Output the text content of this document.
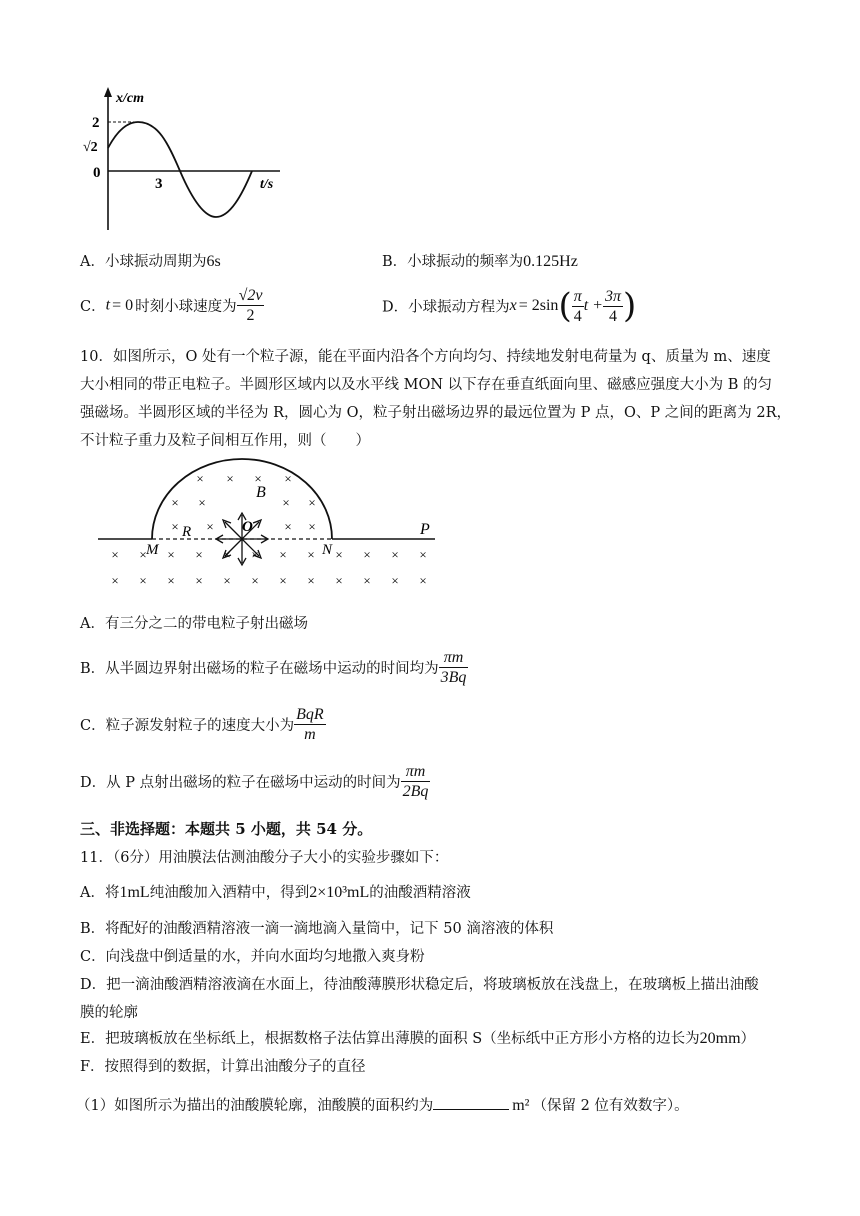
x/cm
2
√2
0
3	t/s
A．小球振动周期为6s	B．小球振动的频率为0.125Hz
C．t = 0 时刻小球速度为 $\frac{√2v}{2}$	D．小球振动方程为$x = 2\sin( \frac{\pi}{4}$ $t + \frac{3\pi}{4}$ )
10．如图所示，O 处有一个粒子源，能在平面内沿各个方向均匀、持续地发射电荷量为 q、质量为 m、速度
大小相同的带正电粒子。半圆形区域内以及水平线 MON 以下存在垂直纸面向里、磁感应强度大小为 B 的匀
强磁场。半圆形区域的半径为 R，圆心为 O，粒子射出磁场边界的最远位置为 P 点，O、P 之间的距离为 2R，
不计粒子重力及粒子间相互作用，则（　　）
B
R	O
M	N
P
× × × ×
× ×	× ×
× ×	× ×
×
×
×
×
×
×
×
×
×
×
×
×
×
×
×
×
×
×
×
×
×
×
×
×
A．有三分之二的带电粒子射出磁场
B．从半圆边界射出磁场的粒子在磁场中运动的时间均为 $\frac{\pi m}{3Bq}$
C．粒子源发射粒子的速度大小为 $\frac{\text{BqR}}{m}$
D．从 P 点射出磁场的粒子在磁场中运动的时间为 $\frac{\pi m}{2Bq}$
三、非选择题：本题共 5 小题，共 54 分。
11．（6分）用油膜法估测油酸分子大小的实验步骤如下：
A．将1mL纯油酸加入酒精中，得到2×10³mL的油酸酒精溶液
B．将配好的油酸酒精溶液一滴一滴地滴入量筒中，记下 50 滴溶液的体积
C．向浅盘中倒适量的水，并向水面均匀地撒入爽身粉
D．把一滴油酸酒精溶液滴在水面上，待油酸薄膜形状稳定后，将玻璃板放在浅盘上，在玻璃板上描出油酸
膜的轮廓
E．把玻璃板放在坐标纸上，根据数格子法估算出薄膜的面积 S（坐标纸中正方形小方格的边长为20mm）
F．按照得到的数据，计算出油酸分子的直径
（1）如图所示为描出的油酸膜轮廓，油酸膜的面积约为	m² （保留 2 位有效数字）。
